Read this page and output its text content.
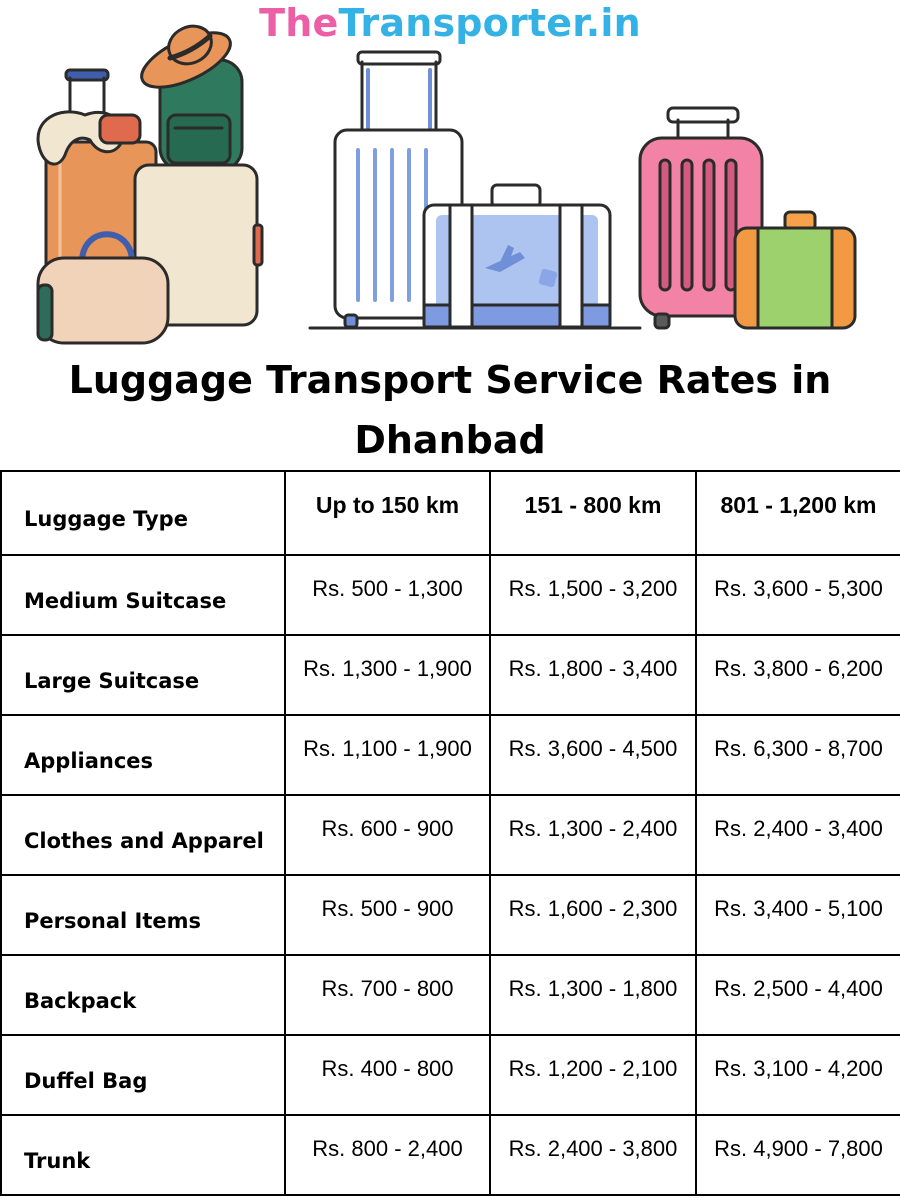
TheTransporter.in
Luggage Transport Service Rates in Dhanbad
Luggage Type	Up to 150 km	151 - 800 km	801 - 1,200 km
Medium Suitcase	Rs. 500 - 1,300	Rs. 1,500 - 3,200	Rs. 3,600 - 5,300
Large Suitcase	Rs. 1,300 - 1,900	Rs. 1,800 - 3,400	Rs. 3,800 - 6,200
Appliances	Rs. 1,100 - 1,900	Rs. 3,600 - 4,500	Rs. 6,300 - 8,700
Clothes and Apparel	Rs. 600 - 900	Rs. 1,300 - 2,400	Rs. 2,400 - 3,400
Personal Items	Rs. 500 - 900	Rs. 1,600 - 2,300	Rs. 3,400 - 5,100
Backpack	Rs. 700 - 800	Rs. 1,300 - 1,800	Rs. 2,500 - 4,400
Duffel Bag	Rs. 400 - 800	Rs. 1,200 - 2,100	Rs. 3,100 - 4,200
Trunk	Rs. 800 - 2,400	Rs. 2,400 - 3,800	Rs. 4,900 - 7,800
